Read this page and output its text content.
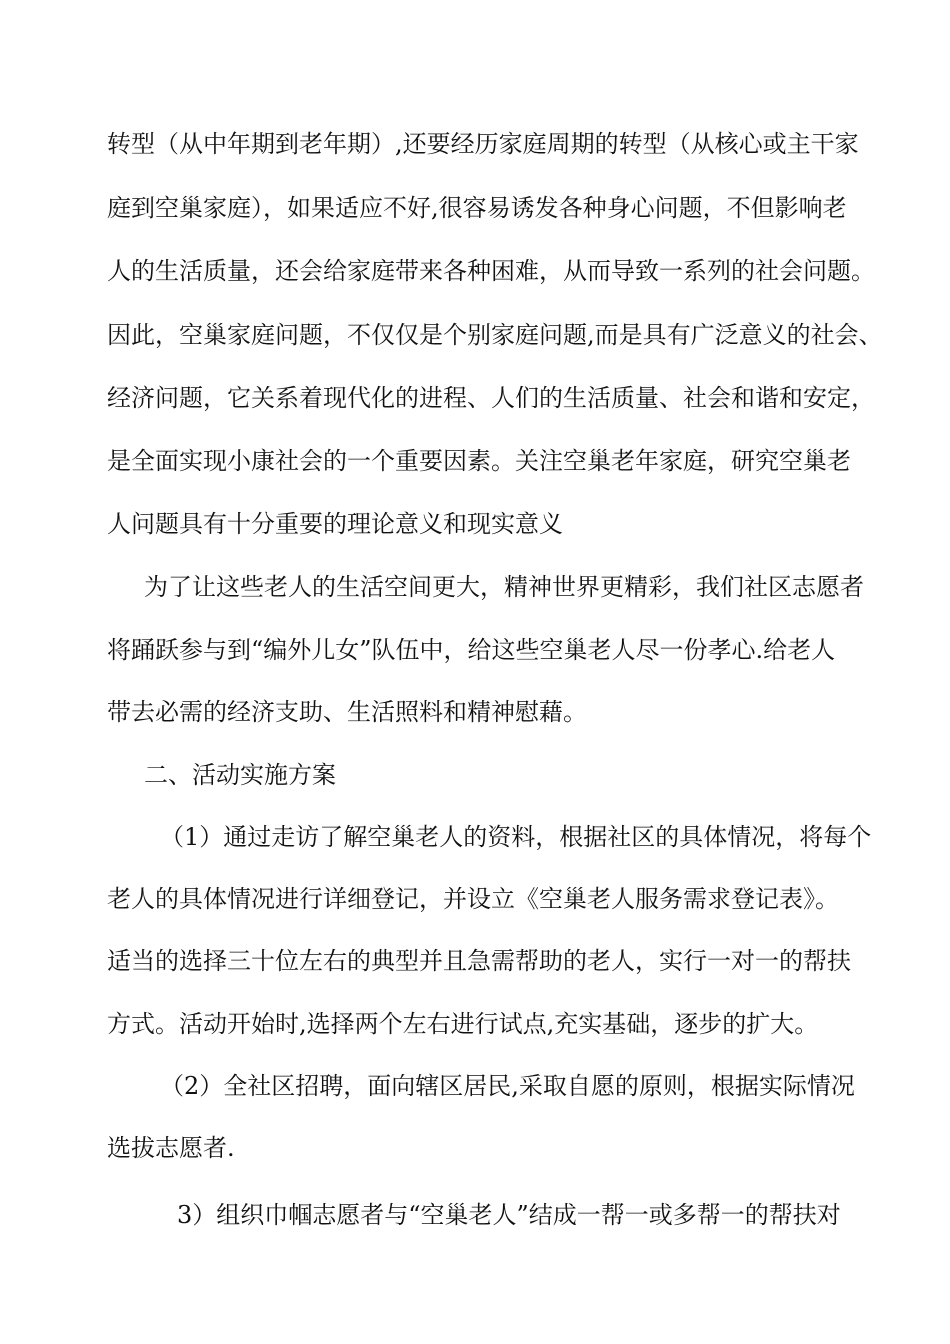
转型（从中年期到老年期）,还要经历家庭周期的转型（从核心或主干家
庭到空巢家庭），如果适应不好,很容易诱发各种身心问题，不但影响老
人的生活质量，还会给家庭带来各种困难，从而导致一系列的社会问题。
因此，空巢家庭问题，不仅仅是个别家庭问题,而是具有广泛意义的社会、
经济问题，它关系着现代化的进程、人们的生活质量、社会和谐和安定，
是全面实现小康社会的一个重要因素。关注空巢老年家庭，研究空巢老
人问题具有十分重要的理论意义和现实意义
为了让这些老人的生活空间更大，精神世界更精彩，我们社区志愿者
将踊跃参与到“编外儿女”队伍中，给这些空巢老人尽一份孝心.给老人
带去必需的经济支助、生活照料和精神慰藉。
二、活动实施方案
（1）通过走访了解空巢老人的资料，根据社区的具体情况，将每个
老人的具体情况进行详细登记，并设立《空巢老人服务需求登记表》。
适当的选择三十位左右的典型并且急需帮助的老人，实行一对一的帮扶
方式。活动开始时,选择两个左右进行试点,充实基础，逐步的扩大。
（2）全社区招聘，面向辖区居民,采取自愿的原则，根据实际情况
选拔志愿者.
3）组织巾帼志愿者与“空巢老人”结成一帮一或多帮一的帮扶对
